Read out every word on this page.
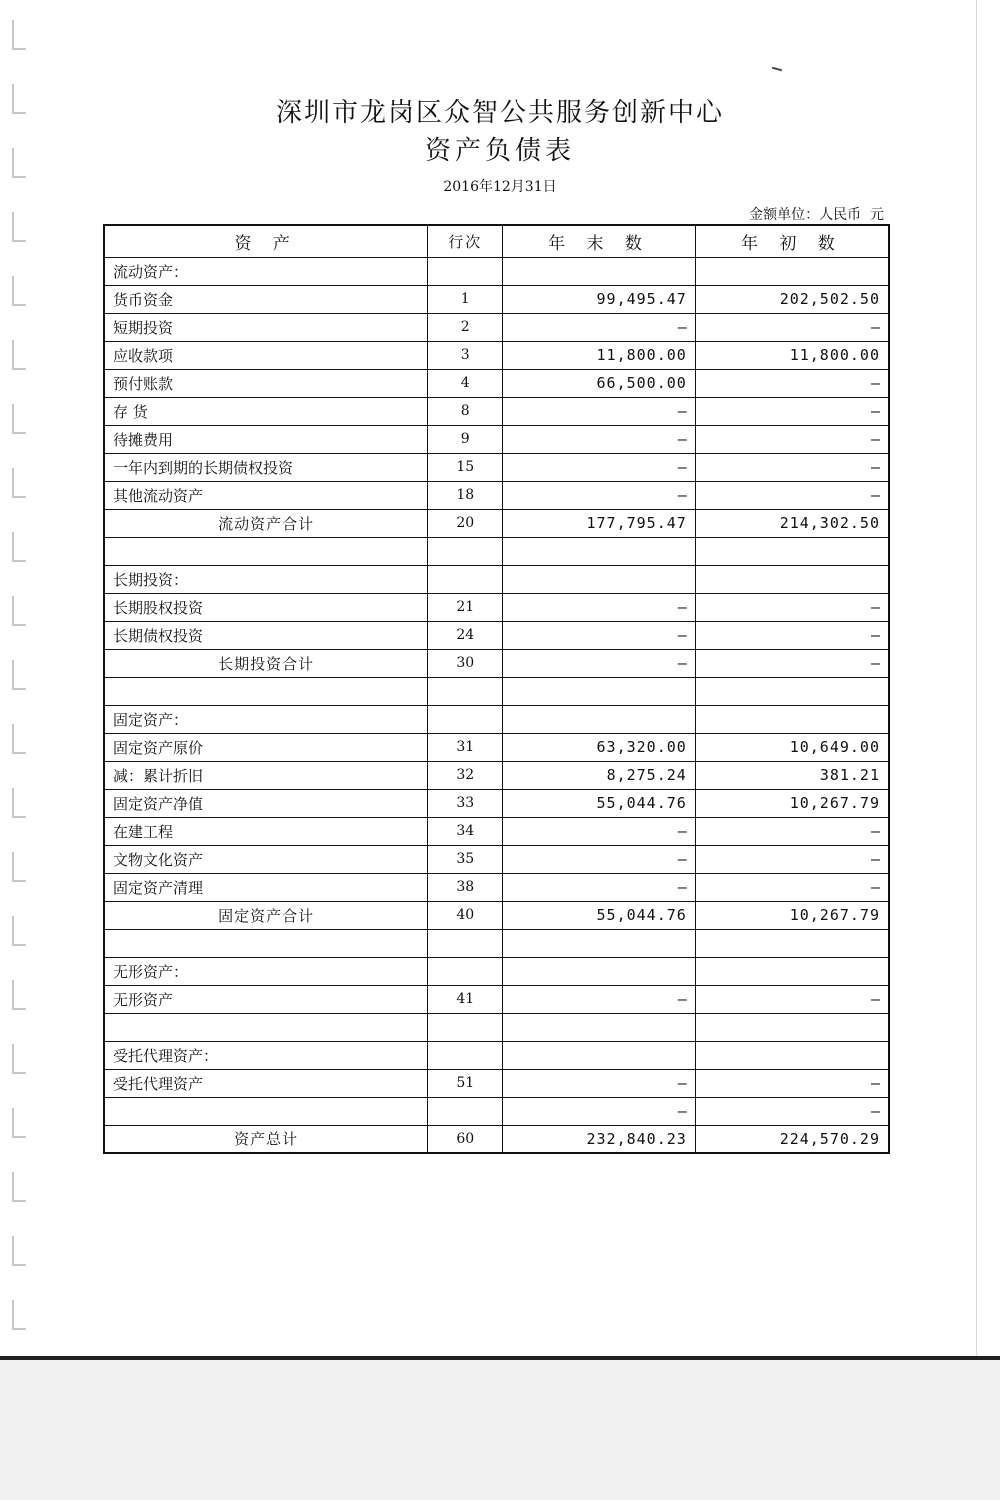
深圳市龙岗区众智公共服务创新中心
资产负债表
2016年12月31日
金额单位：人民币  元
资 产	行次	年 末 数	年 初 数
流动资产：			
货币资金	1	99,495.47	202,502.50
短期投资	2	–	–
应收款项	3	11,800.00	11,800.00
预付账款	4	66,500.00	–
存 货	8	–	–
待摊费用	9	–	–
一年内到期的长期债权投资	15	–	–
其他流动资产	18	–	–
流动资产合计	20	177,795.47	214,302.50

长期投资：			
长期股权投资	21	–	–
长期债权投资	24	–	–
长期投资合计	30	–	–

固定资产：			
固定资产原价	31	63,320.00	10,649.00
减：累计折旧	32	8,275.24	381.21
固定资产净值	33	55,044.76	10,267.79
在建工程	34	–	–
文物文化资产	35	–	–
固定资产清理	38	–	–
固定资产合计	40	55,044.76	10,267.79

无形资产：			
无形资产	41	–	–

受托代理资产：			
受托代理资产	51	–	–
		–	–
资产总计	60	232,840.23	224,570.29
